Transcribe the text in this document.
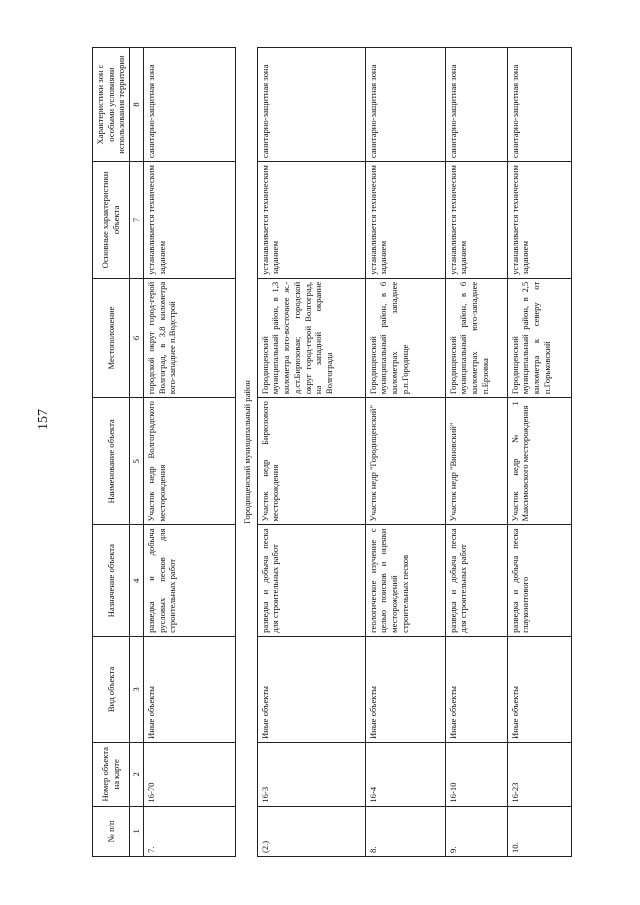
157
№ п/п	Номер объекта на карте	Вид объекта	Назначение объекта	Наименование объекта	Местоположение	Основные характеристики объекта	Характеристики зон с особыми условиями использования территории
1	2	3	4	5	6	7	8
7.	16-70	Иные объекты	разведка и добыча русловых песков для строительных работ	Участок недр Волгоградского месторождения	городской округ город-герой Волгоград, в 3,8 километра юго-западнее п.Водстрой	устанавливается техническим заданием	санитарно-защитная зона
Городищенский муниципальный район							
(2.)	16-3	Иные объекты	разведка и добыча песка для строительных работ	Участок недр Бирюзового месторождения	Городищенский муниципальный район, в 1,3 километра юго-восточнее ж.-д.ст.Бирюзовая; городской округ город-герой Волгоград, на западной окраине Волгограда	устанавливается техническим заданием	санитарно-защитная зона
8.	16-4	Иные объекты	геологическое изучение с целью поисков и оценки месторождений строительных песков	Участок недр "Городищенский"	Городищенский муниципальный район, в 6 километрах западнее р.п.Городище	устанавливается техническим заданием	санитарно-защитная зона
9.	16-10	Иные объекты	разведка и добыча песка для строительных работ	Участок недр "Виновский"	Городищенский муниципальный район, в 6 километрах юго-западнее п.Ерзовка	устанавливается техническим заданием	санитарно-защитная зона
10.	16-23	Иные объекты	разведка и добыча песка глауконитового	Участок недр № 1 Максимовского месторождения	Городищенский муниципальный район, в 2,5 километра к северу от п.Горьковский	устанавливается техническим заданием	санитарно-защитная зона
